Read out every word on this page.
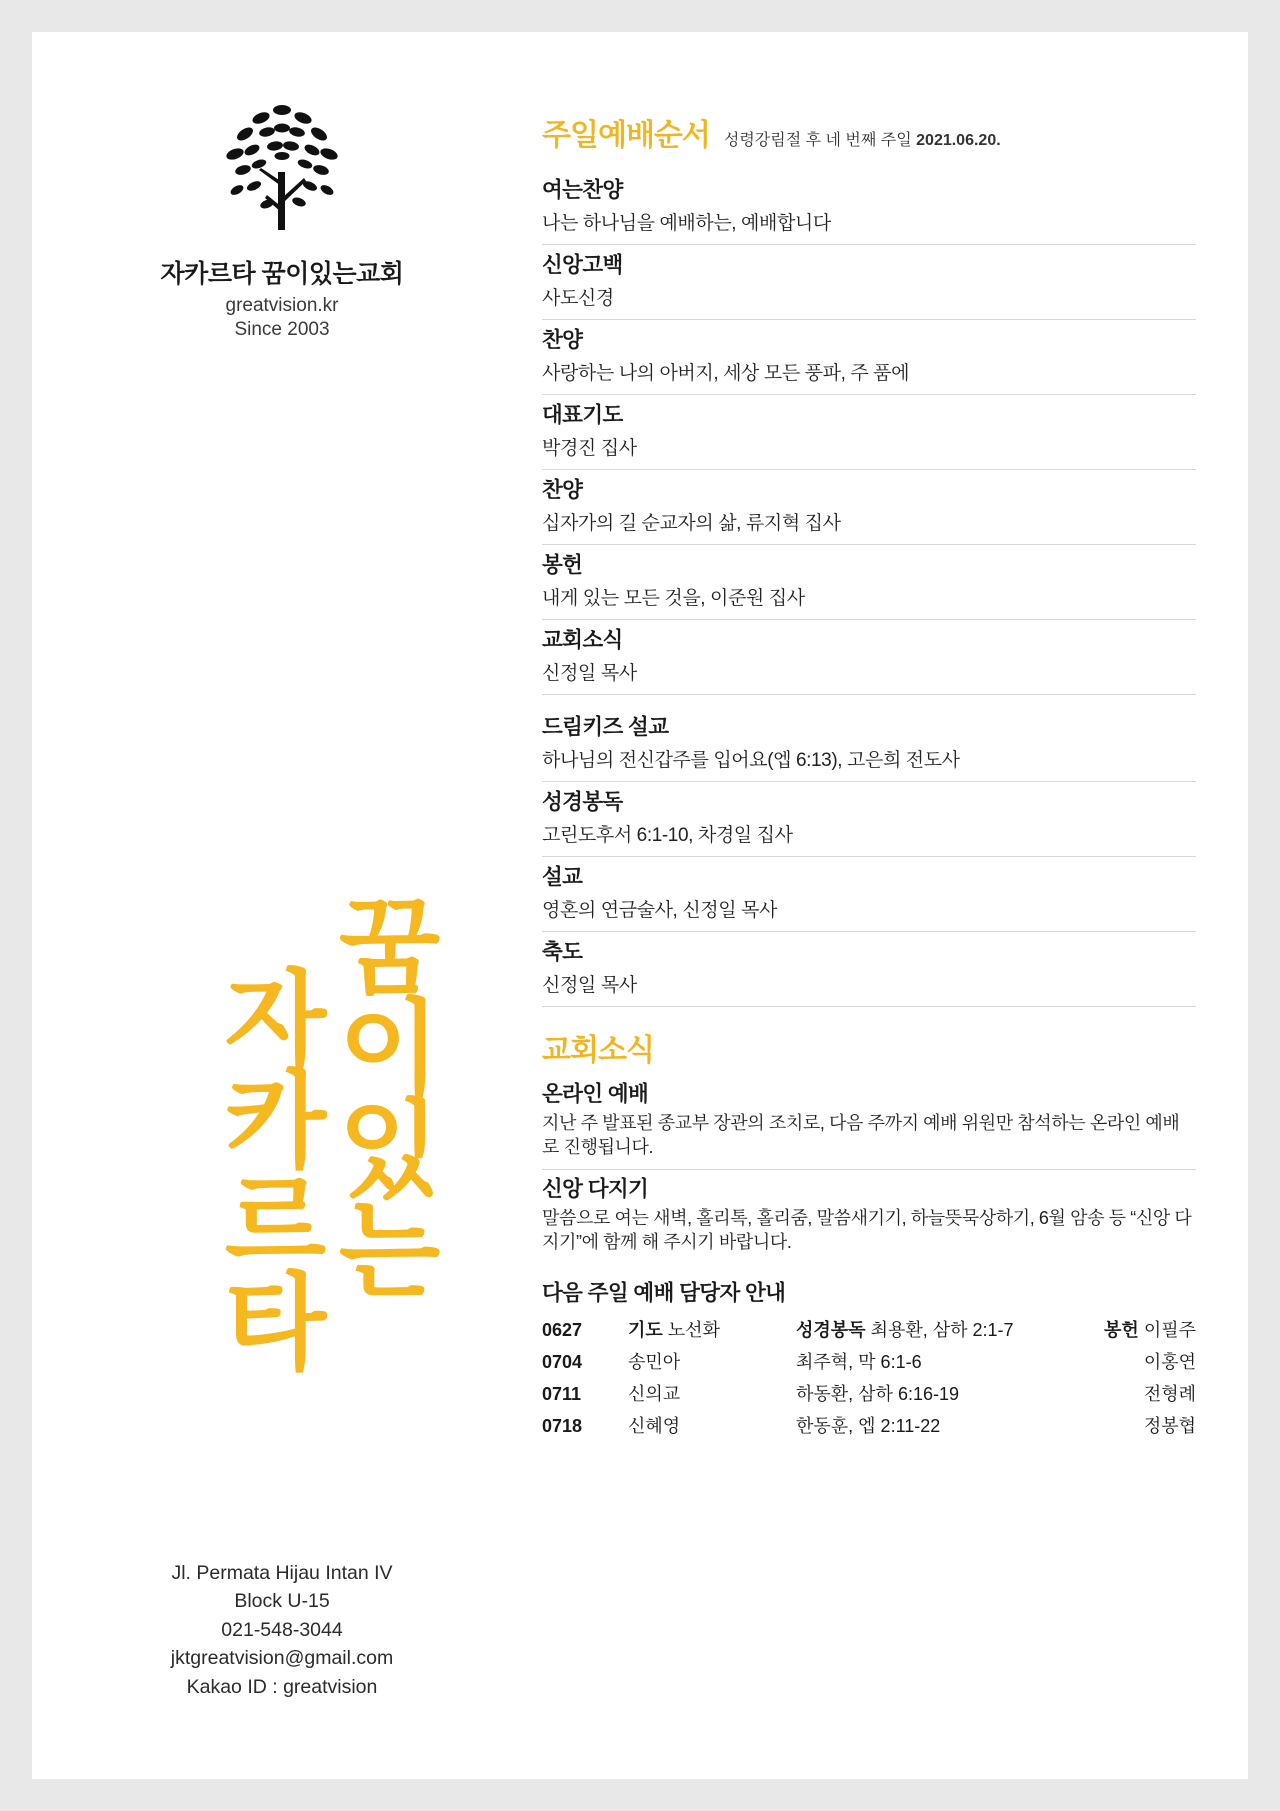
자카르타 꿈이있는교회
greatvision.kr
Since 2003
꿈이있는
자카르타
Jl. Permata Hijau Intan IV
Block U-15
021-548-3044
jktgreatvision@gmail.com
Kakao ID : greatvision
주일예배순서 성령강림절 후 네 번째 주일 2021.06.20.
여는찬양
나는 하나님을 예배하는, 예배합니다
신앙고백
사도신경
찬양
사랑하는 나의 아버지, 세상 모든 풍파, 주 품에
대표기도
박경진 집사
찬양
십자가의 길 순교자의 삶, 류지혁 집사
봉헌
내게 있는 모든 것을, 이준원 집사
교회소식
신정일 목사
드림키즈 설교
하나님의 전신갑주를 입어요(엡 6:13), 고은희 전도사
성경봉독
고린도후서 6:1-10, 차경일 집사
설교
영혼의 연금술사, 신정일 목사
축도
신정일 목사
교회소식
온라인 예배
지난 주 발표된 종교부 장관의 조치로, 다음 주까지 예배 위원만 참석하는 온라인 예배로 진행됩니다.
신앙 다지기
말씀으로 여는 새벽, 홀리톡, 홀리줌, 말씀새기기, 하늘뜻묵상하기, 6월 암송 등 “신앙 다지기”에 함께 해 주시기 바랍니다.
다음 주일 예배 담당자 안내
0627	기도 노선화	성경봉독 최용환, 삼하 2:1-7	봉헌 이필주
0704	송민아	최주혁, 막 6:1-6	이홍연
0711	신의교	하동환, 삼하 6:16-19	전형례
0718	신혜영	한동훈, 엡 2:11-22	정봉협
